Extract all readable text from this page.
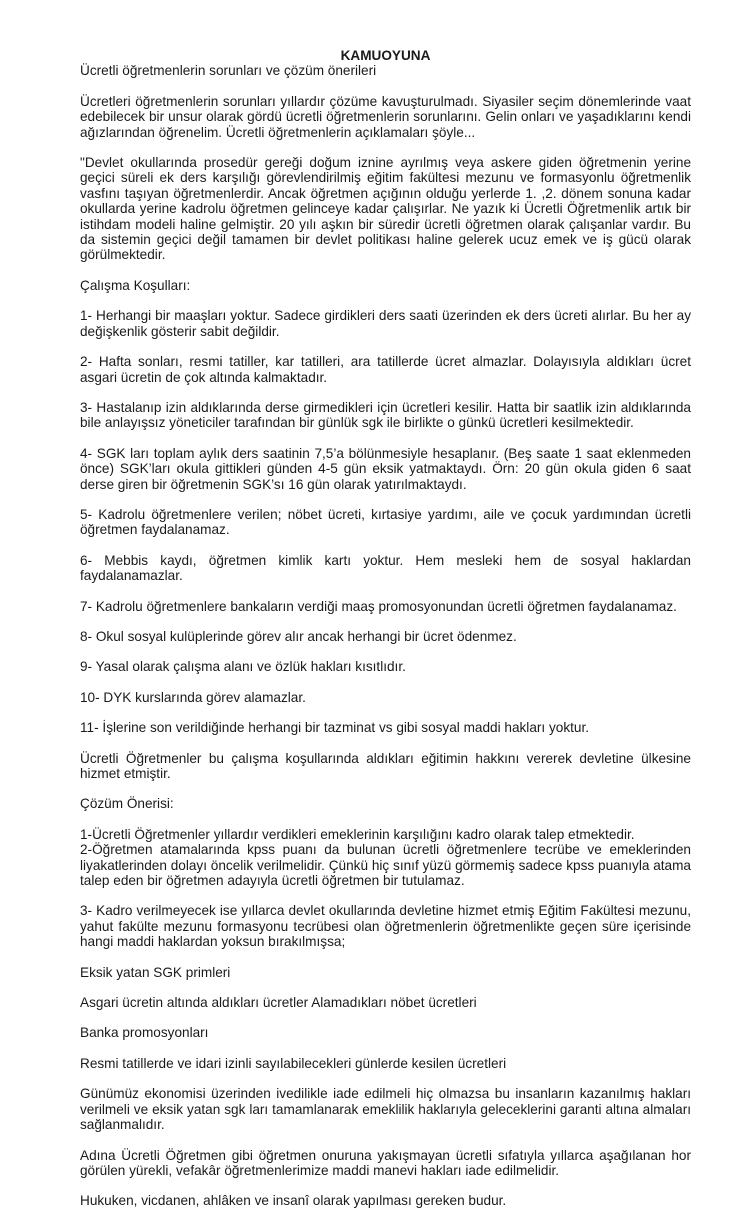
KAMUOYUNA

Ücretli öğretmenlerin sorunları ve çözüm önerileri

Ücretleri öğretmenlerin sorunları yıllardır çözüme kavuşturulmadı. Siyasiler seçim dönemlerinde vaat edebilecek bir unsur olarak gördü ücretli öğretmenlerin sorunlarını. Gelin onları ve yaşadıklarını kendi ağızlarından öğrenelim. Ücretli öğretmenlerin açıklamaları şöyle...

"Devlet okullarında prosedür gereği doğum iznine ayrılmış veya askere giden öğretmenin yerine geçici süreli ek ders karşılığı görevlendirilmiş eğitim fakültesi mezunu ve formasyonlu öğretmenlik vasfını taşıyan öğretmenlerdir. Ancak öğretmen açığının olduğu yerlerde 1. ,2. dönem sonuna kadar okullarda yerine kadrolu öğretmen gelinceye kadar çalışırlar. Ne yazık ki Ücretli Öğretmenlik artık bir istihdam modeli haline gelmiştir. 20 yılı aşkın bir süredir ücretli öğretmen olarak çalışanlar vardır. Bu da sistemin geçici değil tamamen bir devlet politikası haline gelerek ucuz emek ve iş gücü olarak görülmektedir.

Çalışma Koşulları:

1- Herhangi bir maaşları yoktur. Sadece girdikleri ders saati üzerinden ek ders ücreti alırlar. Bu her ay değişkenlik gösterir sabit değildir.

2- Hafta sonları, resmi tatiller, kar tatilleri, ara tatillerde ücret almazlar. Dolayısıyla aldıkları ücret asgari ücretin de çok altında kalmaktadır.

3- Hastalanıp izin aldıklarında derse girmedikleri için ücretleri kesilir. Hatta bir saatlik izin aldıklarında bile anlayışsız yöneticiler tarafından bir günlük sgk ile birlikte o günkü ücretleri kesilmektedir.

4- SGK ları toplam aylık ders saatinin 7,5’a bölünmesiyle hesaplanır. (Beş saate 1 saat eklenmeden önce) SGK’ları okula gittikleri günden 4-5 gün eksik yatmaktaydı. Örn: 20 gün okula giden 6 saat derse giren bir öğretmenin SGK’sı 16 gün olarak yatırılmaktaydı.

5- Kadrolu öğretmenlere verilen; nöbet ücreti, kırtasiye yardımı, aile ve çocuk yardımından ücretli öğretmen faydalanamaz.

6- Mebbis kaydı, öğretmen kimlik kartı yoktur. Hem mesleki hem de sosyal haklardan faydalanamazlar.

7- Kadrolu öğretmenlere bankaların verdiği maaş promosyonundan ücretli öğretmen faydalanamaz.

8- Okul sosyal kulüplerinde görev alır ancak herhangi bir ücret ödenmez.

9- Yasal olarak çalışma alanı ve özlük hakları kısıtlıdır.

10- DYK kurslarında görev alamazlar.

11- İşlerine son verildiğinde herhangi bir tazminat vs gibi sosyal maddi hakları yoktur.

Ücretli Öğretmenler bu çalışma koşullarında aldıkları eğitimin hakkını vererek devletine ülkesine hizmet etmiştir.

Çözüm Önerisi:

1-Ücretli Öğretmenler yıllardır verdikleri emeklerinin karşılığını kadro olarak talep etmektedir.

2-Öğretmen atamalarında kpss puanı da bulunan ücretli öğretmenlere tecrübe ve emeklerinden liyakatlerinden dolayı öncelik verilmelidir. Çünkü hiç sınıf yüzü görmemiş sadece kpss puanıyla atama talep eden bir öğretmen adayıyla ücretli öğretmen bir tutulamaz.

3- Kadro verilmeyecek ise yıllarca devlet okullarında devletine hizmet etmiş Eğitim Fakültesi mezunu, yahut fakülte mezunu formasyonu tecrübesi olan öğretmenlerin öğretmenlikte geçen süre içerisinde hangi maddi haklardan yoksun bırakılmışsa;

Eksik yatan SGK primleri

Asgari ücretin altında aldıkları ücretler Alamadıkları nöbet ücretleri

Banka promosyonları

Resmi tatillerde ve idari izinli sayılabilecekleri günlerde kesilen ücretleri

Günümüz ekonomisi üzerinden ivedilikle iade edilmeli hiç olmazsa bu insanların kazanılmış hakları verilmeli ve eksik yatan sgk ları tamamlanarak emeklilik haklarıyla geleceklerini garanti altına almaları sağlanmalıdır.

Adına Ücretli Öğretmen gibi öğretmen onuruna yakışmayan ücretli sıfatıyla yıllarca aşağılanan hor görülen yürekli, vefakâr öğretmenlerimize maddi manevi hakları iade edilmelidir.

Hukuken, vicdanen, ahlâken ve insanî olarak yapılması gereken budur.
